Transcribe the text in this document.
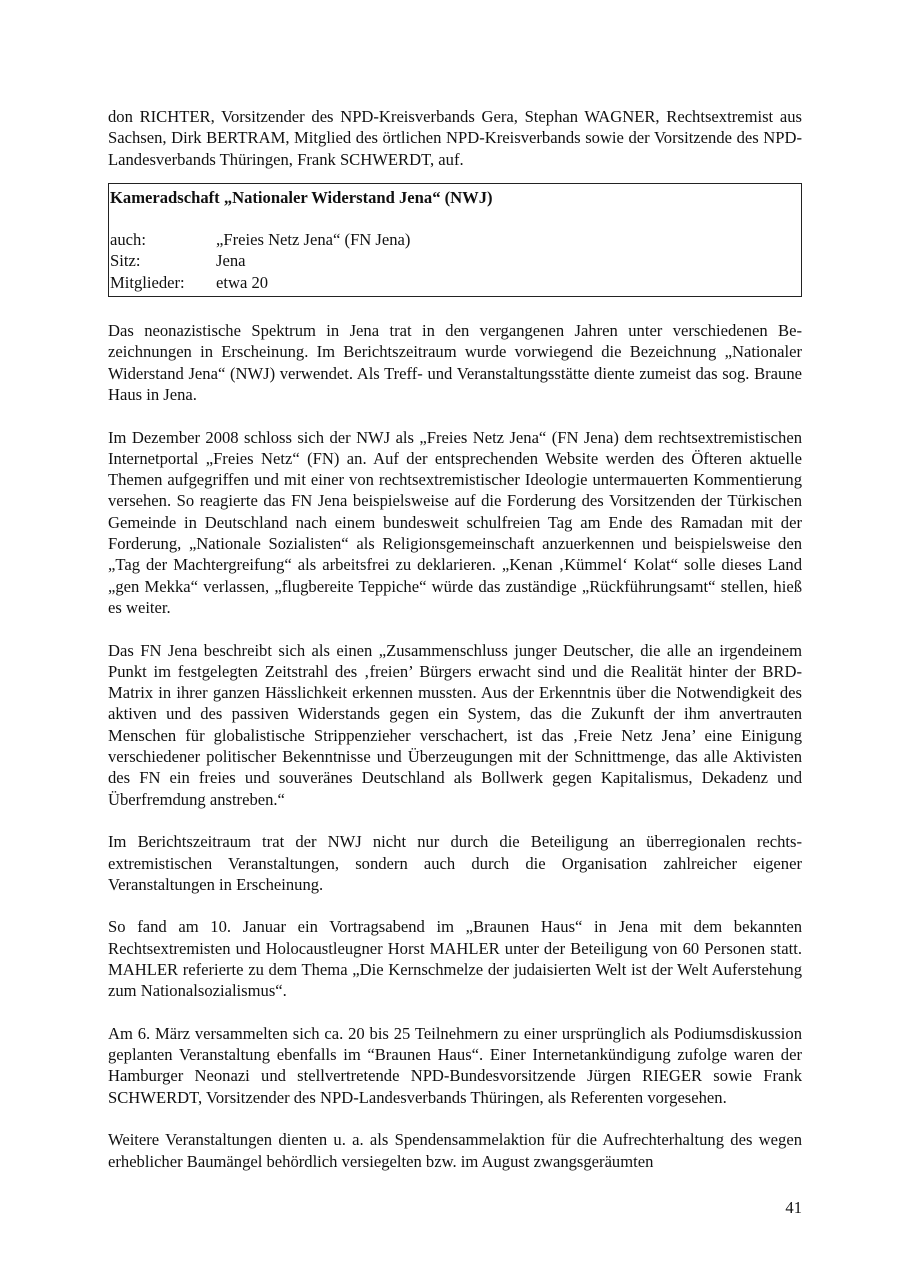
don RICHTER, Vorsitzender des NPD-Kreisverbands Gera, Stephan WAGNER, Rechtsextremist aus Sachsen, Dirk BERTRAM, Mitglied des örtlichen NPD-Kreisverbands sowie der Vorsitzende des NPD-Landesverbands Thüringen, Frank SCHWERDT, auf.

Kameradschaft „Nationaler Widerstand Jena“ (NWJ)
auch:	„Freies Netz Jena“ (FN Jena)
Sitz:	Jena
Mitglieder:	etwa 20

Das neonazistische Spektrum in Jena trat in den vergangenen Jahren unter verschiedenen Bezeichnungen in Erscheinung. Im Berichtszeitraum wurde vorwiegend die Bezeichnung „Nationaler Widerstand Jena“ (NWJ) verwendet. Als Treff- und Veranstaltungsstätte diente zumeist das sog. Braune Haus in Jena.

Im Dezember 2008 schloss sich der NWJ als „Freies Netz Jena“ (FN Jena) dem rechtsextremistischen Internetportal „Freies Netz“ (FN) an. Auf der entsprechenden Website werden des Öfteren aktuelle Themen aufgegriffen und mit einer von rechtsextremistischer Ideologie untermauerten Kommentierung versehen. So reagierte das FN Jena beispielsweise auf die Forderung des Vorsitzenden der Türkischen Gemeinde in Deutschland nach einem bundesweit schulfreien Tag am Ende des Ramadan mit der Forderung, „Nationale Sozialisten“ als Religionsgemeinschaft anzuerkennen und beispielsweise den „Tag der Machtergreifung“ als arbeitsfrei zu deklarieren. „Kenan ‚Kümmel‘ Kolat“ solle dieses Land „gen Mekka“ verlassen, „flugbereite Teppiche“ würde das zuständige „Rückführungsamt“ stellen, hieß es weiter.

Das FN Jena beschreibt sich als einen „Zusammenschluss junger Deutscher, die alle an irgendeinem Punkt im festgelegten Zeitstrahl des ‚freien’ Bürgers erwacht sind und die Realität hinter der BRD-Matrix in ihrer ganzen Hässlichkeit erkennen mussten. Aus der Erkenntnis über die Notwendigkeit des aktiven und des passiven Widerstands gegen ein System, das die Zukunft der ihm anvertrauten Menschen für globalistische Strippenzieher verschachert, ist das ‚Freie Netz Jena’ eine Einigung verschiedener politischer Bekenntnisse und Überzeugungen mit der Schnittmenge, das alle Aktivisten des FN ein freies und souveränes Deutschland als Bollwerk gegen Kapitalismus, Dekadenz und Überfremdung anstreben.“

Im Berichtszeitraum trat der NWJ nicht nur durch die Beteiligung an überregionalen rechtsextremistischen Veranstaltungen, sondern auch durch die Organisation zahlreicher eigener Veranstaltungen in Erscheinung.

So fand am 10. Januar ein Vortragsabend im „Braunen Haus“ in Jena mit dem bekannten Rechtsextremisten und Holocaustleugner Horst MAHLER unter der Beteiligung von 60 Personen statt. MAHLER referierte zu dem Thema „Die Kernschmelze der judaisierten Welt ist der Welt Auferstehung zum Nationalsozialismus“.

Am 6. März versammelten sich ca. 20 bis 25 Teilnehmern zu einer ursprünglich als Podiumsdiskussion geplanten Veranstaltung ebenfalls im “Braunen Haus“. Einer Internetankündigung zufolge waren der Hamburger Neonazi und stellvertretende NPD-Bundesvorsitzende Jürgen RIEGER sowie Frank SCHWERDT, Vorsitzender des NPD-Landesverbands Thüringen, als Referenten vorgesehen.

Weitere Veranstaltungen dienten u. a. als Spendensammelaktion für die Aufrechterhaltung des wegen erheblicher Baumängel behördlich versiegelten bzw. im August zwangsgeräumten

41
